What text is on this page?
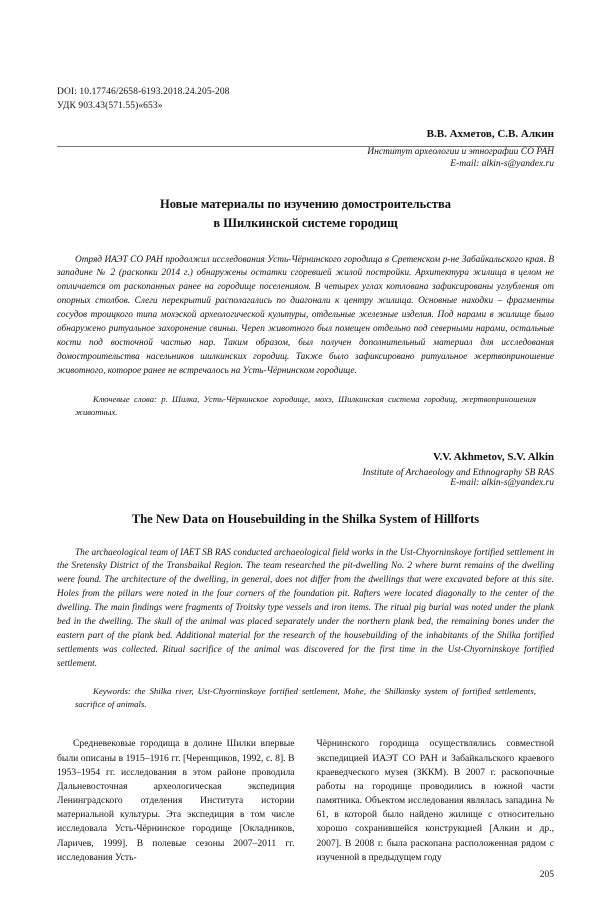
DOI: 10.17746/2658-6193.2018.24.205-208
УДК 903.43(571.55)«653»
В.В. Ахметов, С.В. Алкин
Институт археологии и этнографии СО РАН
E-mail: alkin-s@yandex.ru
Новые материалы по изучению домостроительства
в Шилкинской системе городищ
Отряд ИАЭТ СО РАН продолжил исследования Усть-Чёрнинского городища в Сретенском р-не Забайкальского края. В западине № 2 (раскопки 2014 г.) обнаружены остатки сгоревшей жилой постройки. Архитектура жилища в целом не отличается от раскопанных ранее на городище поселенияом. В четырех углах котлована зафиксированы углубления от опорных столбов. Слеги перекрытий располагались по диагонали к центру жилища. Основные находки – фрагменты сосудов троицкого типа мохэской археологической культуры, отдельные железные изделия. Под нарами в жилище было обнаружено ритуальное захоронение свиньи. Череп животного был помещен отдельно под северными нарами, остальные кости под восточной частью нар. Таким образом, был получен дополнительный материал для исследования домостроительства насельников шилкинских городищ. Также было зафиксировано ритуальное жертвоприношение животного, которое ранее не встречалось на Усть-Чёрнинском городище.
Ключевые слова: р. Шилка, Усть-Чёрнинское городище, мохэ, Шилкинская система городищ, жертвоприношения животных.
V.V. Akhmetov, S.V. Alkin
Institute of Archaeology and Ethnography SB RAS
E-mail: alkin-s@yandex.ru
The New Data on Housebuilding in the Shilka System of Hillforts
The archaeological team of IAET SB RAS conducted archaeological field works in the Ust-Chyorninskoye fortified settlement in the Sretensky District of the Transbaikal Region. The team researched the pit-dwelling No. 2 where burnt remains of the dwelling were found. The architecture of the dwelling, in general, does not differ from the dwellings that were excavated before at this site. Holes from the pillars were noted in the four corners of the foundation pit. Rafters were located diagonally to the center of the dwelling. The main findings were fragments of Troitsky type vessels and iron items. The ritual pig burial was noted under the plank bed in the dwelling. The skull of the animal was placed separately under the northern plank bed, the remaining bones under the eastern part of the plank bed. Additional material for the research of the housebuilding of the inhabitants of the Shilka fortified settlements was collected. Ritual sacrifice of the animal was discovered for the first time in the Ust-Chyorninskoye fortified settlement.
Keywords: the Shilka river, Ust-Chyorninskoye fortified settlement, Mohe, the Shilkinsky system of fortified settlements, sacrifice of animals.

Средневековые городища в долине Шилки впервые были описаны в 1915–1916 гг. [Черенщиков, 1992, с. 8]. В 1953–1954 гг. исследования в этом районе проводила Дальневосточная археологическая экспедиция Ленинградского отделения Института истории материальной культуры. Эта экспедиция в том числе исследовала Усть-Чёрнинское городище [Окладников, Ларичев, 1999]. В полевые сезоны 2007–2011 гг. исследования Усть-

Чёрнинского городища осуществлялись совместной экспедицией ИАЭТ СО РАН и Забайкальского краевого краеведческого музея (ЗККМ). В 2007 г. раскопочные работы на городище проводились в южной части памятника. Объектом исследования являлась западина № 61, в которой было найдено жилище с относительно хорошо сохранившейся конструкцией [Алкин и др., 2007]. В 2008 г. была раскопана расположенная рядом с изученной в предыдущем году

205
